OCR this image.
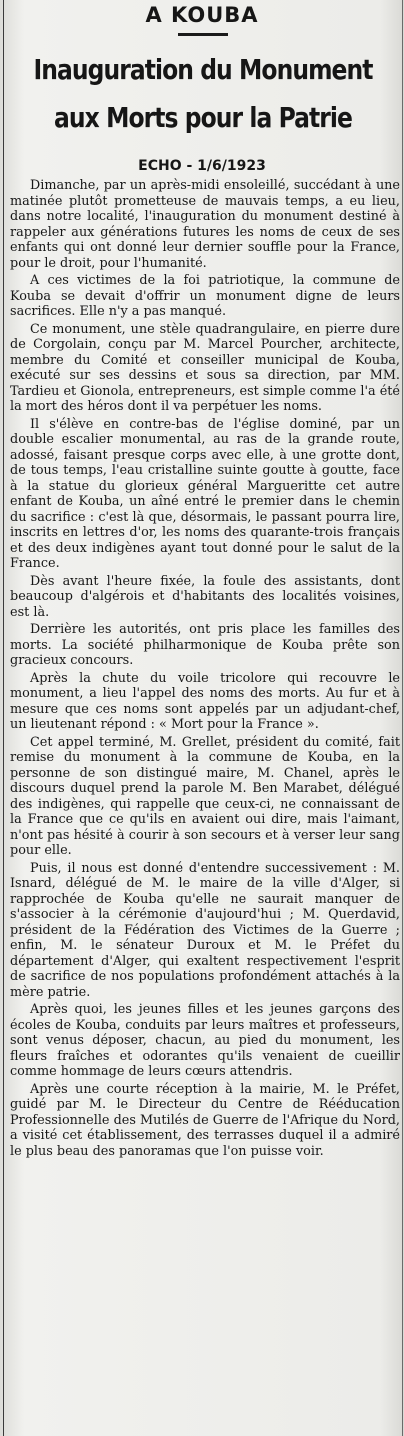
A KOUBA
Inauguration du Monument aux Morts pour la Patrie
ECHO - 1/6/1923

Dimanche, par un après-midi ensoleillé, succédant à une matinée plutôt prometteuse de mauvais temps, a eu lieu, dans notre localité, l'inauguration du monument destiné à rappeler aux générations futures les noms de ceux de ses enfants qui ont donné leur dernier souffle pour la France, pour le droit, pour l'humanité.

A ces victimes de la foi patriotique, la commune de Kouba se devait d'offrir un monument digne de leurs sacrifices. Elle n'y a pas manqué.

Ce monument, une stèle quadrangulaire, en pierre dure de Corgolain, conçu par M. Marcel Pourcher, architecte, membre du Comité et conseiller municipal de Kouba, exécuté sur ses dessins et sous sa direction, par MM. Tardieu et Gionola, entrepreneurs, est simple comme l'a été la mort des héros dont il va perpétuer les noms.

Il s'élève en contre-bas de l'église dominé, par un double escalier monumental, au ras de la grande route, adossé, faisant presque corps avec elle, à une grotte dont, de tous temps, l'eau cristalline suinte goutte à goutte, face à la statue du glorieux général Margueritte cet autre enfant de Kouba, un aîné entré le premier dans le chemin du sacrifice : c'est là que, désormais, le passant pourra lire, inscrits en lettres d'or, les noms des quarante-trois français et des deux indigènes ayant tout donné pour le salut de la France.

Dès avant l'heure fixée, la foule des assistants, dont beaucoup d'algérois et d'habitants des localités voisines, est là.

Derrière les autorités, ont pris place les familles des morts. La société philharmonique de Kouba prête son gracieux concours.

Après la chute du voile tricolore qui recouvre le monument, a lieu l'appel des noms des morts. Au fur et à mesure que ces noms sont appelés par un adjudant-chef, un lieutenant répond : « Mort pour la France ».

Cet appel terminé, M. Grellet, président du comité, fait remise du monument à la commune de Kouba, en la personne de son distingué maire, M. Chanel, après le discours duquel prend la parole M. Ben Marabet, délégué des indigènes, qui rappelle que ceux-ci, ne connaissant de la France que ce qu'ils en avaient oui dire, mais l'aimant, n'ont pas hésité à courir à son secours et à verser leur sang pour elle.

Puis, il nous est donné d'entendre successivement : M. Isnard, délégué de M. le maire de la ville d'Alger, si rapprochée de Kouba qu'elle ne saurait manquer de s'associer à la cérémonie d'aujourd'hui ; M. Querdavid, président de la Fédération des Victimes de la Guerre ; enfin, M. le sénateur Duroux et M. le Préfet du département d'Alger, qui exaltent respectivement l'esprit de sacrifice de nos populations profondément attachés à la mère patrie.

Après quoi, les jeunes filles et les jeunes garçons des écoles de Kouba, conduits par leurs maîtres et professeurs, sont venus déposer, chacun, au pied du monument, les fleurs fraîches et odorantes qu'ils venaient de cueillir comme hommage de leurs cœurs attendris.

Après une courte réception à la mairie, M. le Préfet, guidé par M. le Directeur du Centre de Rééducation Professionnelle des Mutilés de Guerre de l'Afrique du Nord, a visité cet établissement, des terrasses duquel il a admiré le plus beau des panoramas que l'on puisse voir.
